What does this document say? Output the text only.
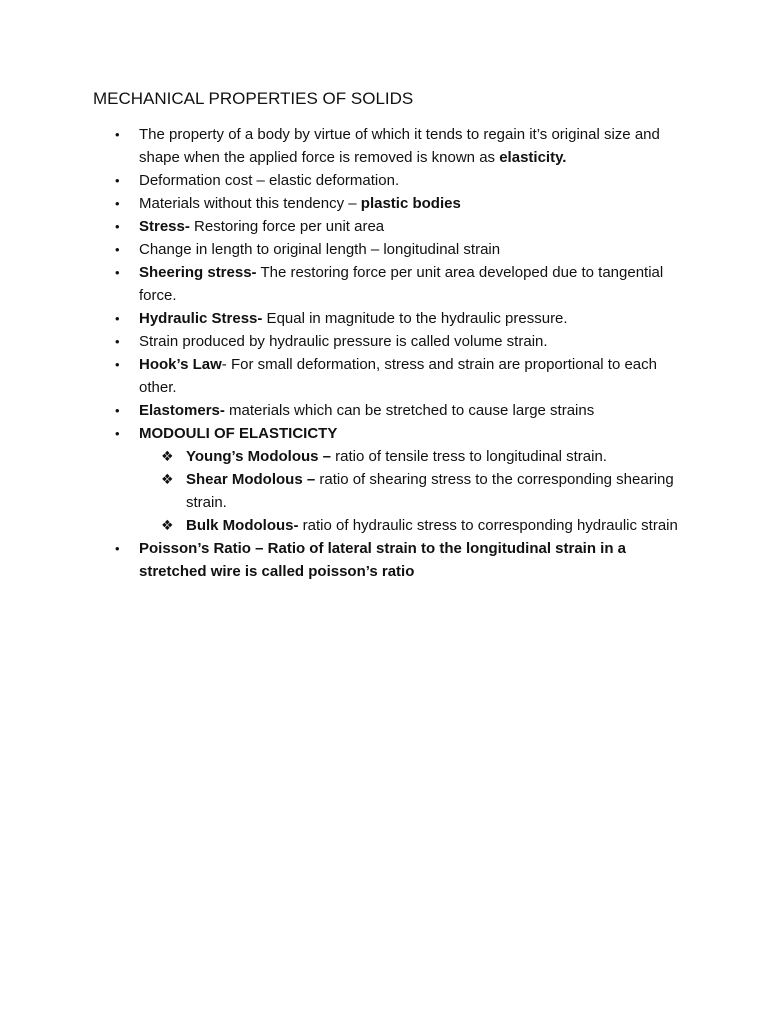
MECHANICAL PROPERTIES OF SOLIDS
• The property of a body by virtue of which it tends to regain it’s original size and shape when the applied force is removed is known as elasticity.
• Deformation cost – elastic deformation.
• Materials without this tendency – plastic bodies
• Stress- Restoring force per unit area
• Change in length to original length – longitudinal strain
• Sheering stress- The restoring force per unit area developed due to tangential force.
• Hydraulic Stress- Equal in magnitude to the hydraulic pressure.
• Strain produced by hydraulic pressure is called volume strain.
• Hook’s Law- For small deformation, stress and strain are proportional to each other.
• Elastomers- materials which can be stretched to cause large strains
• MODOULI OF ELASTICICTY
❖ Young’s Modolous – ratio of tensile tress to longitudinal strain.
❖ Shear Modolous – ratio of shearing stress to the corresponding shearing strain.
❖ Bulk Modolous- ratio of hydraulic stress to corresponding hydraulic strain
• Poisson’s Ratio – Ratio of lateral strain to the longitudinal strain in a stretched wire is called poisson’s ratio
